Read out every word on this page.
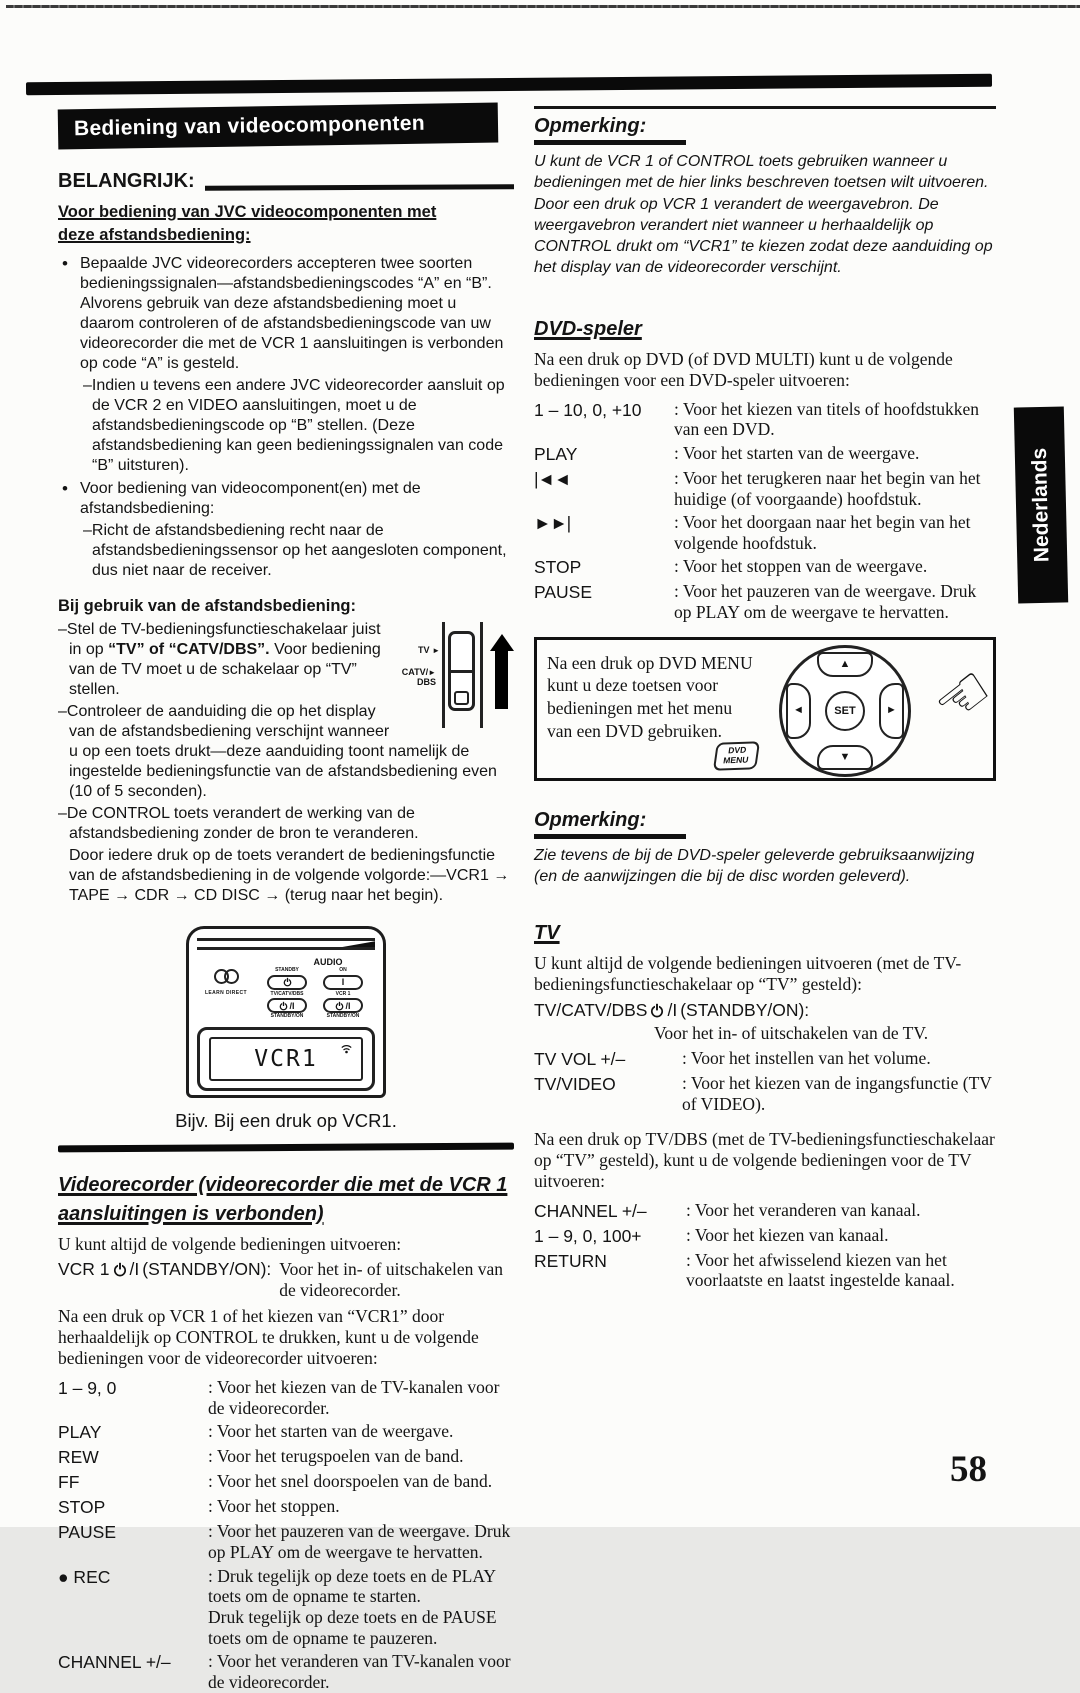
Bediening van videocomponenten
BELANGRIJK:
Voor bediening van JVC videocomponenten met deze afstandsbediening:
• Bepaalde JVC videorecorders accepteren twee soorten bedieningssignalen—afstandsbedieningscodes “A” en “B”. Alvorens gebruik van deze afstandsbediening moet u daarom controleren of de afstandsbedieningscode van uw videorecorder die met de VCR 1 aansluitingen is verbonden op code “A” is gesteld.
–Indien u tevens een andere JVC videorecorder aansluit op de VCR 2 en VIDEO aansluitingen, moet u de afstandsbedieningscode op “B” stellen. (Deze afstandsbediening kan geen bedieningssignalen van code “B” uitsturen).
• Voor bediening van videocomponent(en) met de afstandsbediening:
–Richt de afstandsbediening recht naar de afstandsbedieningssensor op het aangesloten component, dus niet naar de receiver.
Bij gebruik van de afstandsbediening:
TV ►
CATV/►
DBS
–Stel de TV-bedieningsfunctieschakelaar juist in op “TV” of “CATV/DBS”. Voor bediening van de TV moet u de schakelaar op “TV” stellen.
–Controleer de aanduiding die op het display van de afstandsbediening verschijnt wanneer u op een toets drukt—deze aanduiding toont namelijk de ingestelde bedieningsfunctie van de afstandsbediening even (10 of 5 seconden).
–De CONTROL toets verandert de werking van de afstandsbediening zonder de bron te veranderen.
Door iedere druk op de toets verandert de bedieningsfunctie van de afstandsbediening in de volgende volgorde:—VCR1 → TAPE → CDR → CD DISC → (terug naar het begin).
LEARN DIRECT
AUDIO
STANDBY	ON
I
TV/CATV/DBS
/I
STANDBY/ON
VCR 1
/I
STANDBY/ON
VCR1
Bijv. Bij een druk op VCR1.
Videorecorder (videorecorder die met de VCR 1 aansluitingen is verbonden)
U kunt altijd de volgende bedieningen uitvoeren:
VCR 1 /I (STANDBY/ON): Voor het in- of uitschakelen van de videorecorder.
Na een druk op VCR 1 of het kiezen van “VCR1” door herhaaldelijk op CONTROL te drukken, kunt u de volgende bedieningen voor de videorecorder uitvoeren:
1 – 9, 0	: Voor het kiezen van de TV-kanalen voor de videorecorder.
PLAY	: Voor het starten van de weergave.
REW	: Voor het terugspoelen van de band.
FF	: Voor het snel doorspoelen van de band.
STOP	: Voor het stoppen.
PAUSE	: Voor het pauzeren van de weergave. Druk op PLAY om de weergave te hervatten.
● REC	: Druk tegelijk op deze toets en de PLAY toets om de opname te starten.
Druk tegelijk op deze toets en de PAUSE toets om de opname te pauzeren.
CHANNEL +/–	: Voor het veranderen van TV-kanalen voor de videorecorder.
Opmerking:
U kunt de VCR 1 of CONTROL toets gebruiken wanneer u bedieningen met de hier links beschreven toetsen wilt uitvoeren. Door een druk op VCR 1 verandert de weergavebron. De weergavebron verandert niet wanneer u herhaaldelijk op CONTROL drukt om “VCR1” te kiezen zodat deze aanduiding op het display van de videorecorder verschijnt.
DVD-speler
Na een druk op DVD (of DVD MULTI) kunt u de volgende bedieningen voor een DVD-speler uitvoeren:
1 – 10, 0, +10	: Voor het kiezen van titels of hoofdstukken van een DVD.
PLAY	: Voor het starten van de weergave.
|◄◄	: Voor het terugkeren naar het begin van het huidige (of voorgaande) hoofdstuk.
►►|	: Voor het doorgaan naar het begin van het volgende hoofdstuk.
STOP	: Voor het stoppen van de weergave.
PAUSE	: Voor het pauzeren van de weergave. Druk op PLAY om de weergave te hervatten.
Na een druk op DVD MENU kunt u deze toetsen voor bedieningen met het menu van een DVD gebruiken.
▲
▼
◄	►
SET
DVD
MENU
☜
Opmerking:
Zie tevens de bij de DVD-speler geleverde gebruiksaanwijzing (en de aanwijzingen die bij de disc worden geleverd).
TV
U kunt altijd de volgende bedieningen uitvoeren (met de TV-bedieningsfunctieschakelaar op “TV” gesteld):
TV/CATV/DBS /I (STANDBY/ON):
Voor het in- of uitschakelen van de TV.
TV VOL +/–	: Voor het instellen van het volume.
TV/VIDEO	: Voor het kiezen van de ingangsfunctie (TV of VIDEO).
Na een druk op TV/DBS (met de TV-bedieningsfunctieschakelaar op “TV” gesteld), kunt u de volgende bedieningen voor de TV uitvoeren:
CHANNEL +/–	: Voor het veranderen van kanaal.
1 – 9, 0, 100+	: Voor het kiezen van kanaal.
RETURN	: Voor het afwisselend kiezen van het voorlaatste en laatst ingestelde kanaal.
Nederlands
58
